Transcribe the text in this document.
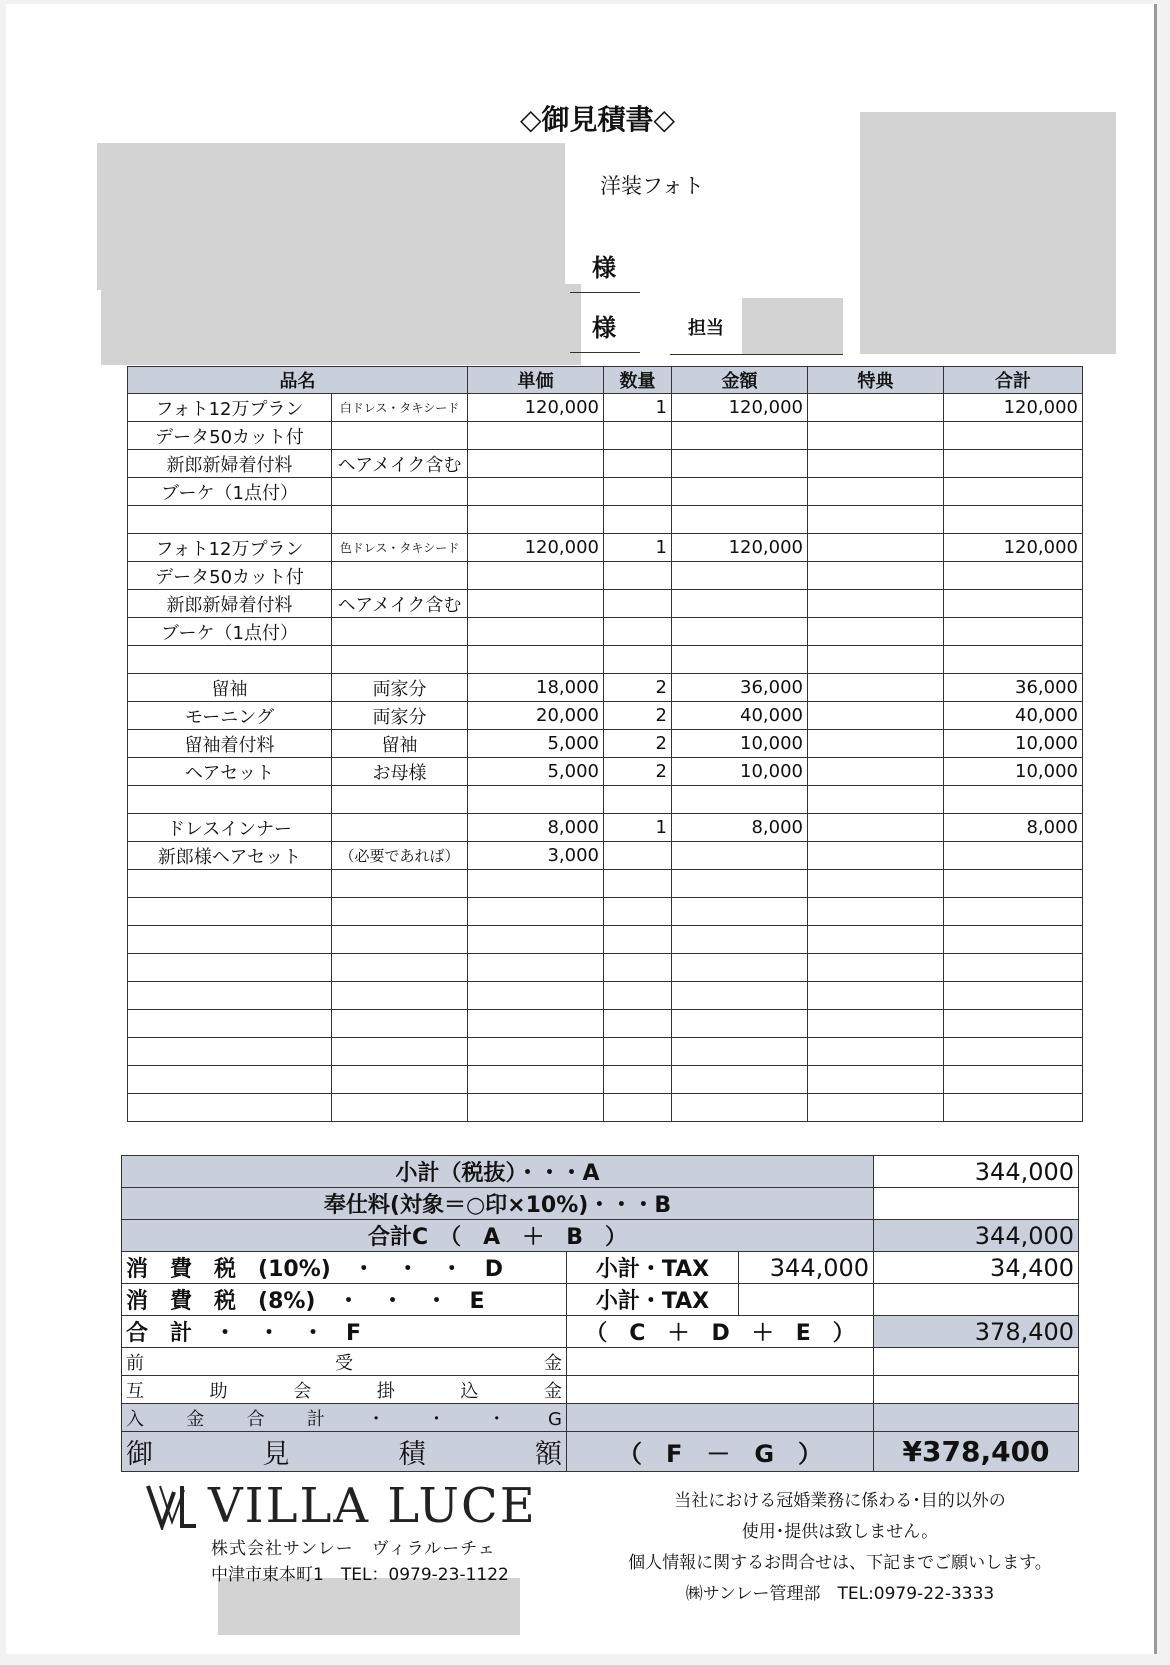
◇御見積書◇
洋装フォト
様
様	担当
品名		単価	数量	金額	特典	合計
フォト12万プラン	白ドレス・タキシード	120,000	1	120,000		120,000
データ50カット付						
新郎新婦着付料	ヘアメイク含む					
ブーケ（1点付）						

フォト12万プラン	色ドレス・タキシード	120,000	1	120,000		120,000
データ50カット付						
新郎新婦着付料	ヘアメイク含む					
ブーケ（1点付）						

留袖	両家分	18,000	2	36,000		36,000
モーニング	両家分	20,000	2	40,000		40,000
留袖着付料	留袖	5,000	2	10,000		10,000
ヘアセット	お母様	5,000	2	10,000		10,000

ドレスインナー		8,000	1	8,000		8,000
新郎様ヘアセット	（必要であれば）	3,000				

小計（税抜）・・・A			344,000
奉仕料(対象＝○印×10%)・・・B			
合計C　（　A　＋　B　）			344,000
消　費　税　 (10%)　・　・　・　D	小計・TAX	344,000	34,400
消　費　税　 (8%)　・　・　・　E	小計・TAX		
合　計　・　・　・　F	（　C　＋　D　＋　E　）		378,400
前　受　金			
互　助　会　掛　込　金			
入　金　合　計　・　・　・　G			
御　見　積　額	（　F　－　G　）		¥378,400
VILLA LUCE
株式会社サンレー　ヴィラルーチェ
中津市東本町1　TEL：0979-23-1122
当社における冠婚業務に係わる･目的以外の
使用･提供は致しません。
個人情報に関するお問合せは、下記までご願いします。
㈱サンレー管理部　TEL:0979-22-3333
